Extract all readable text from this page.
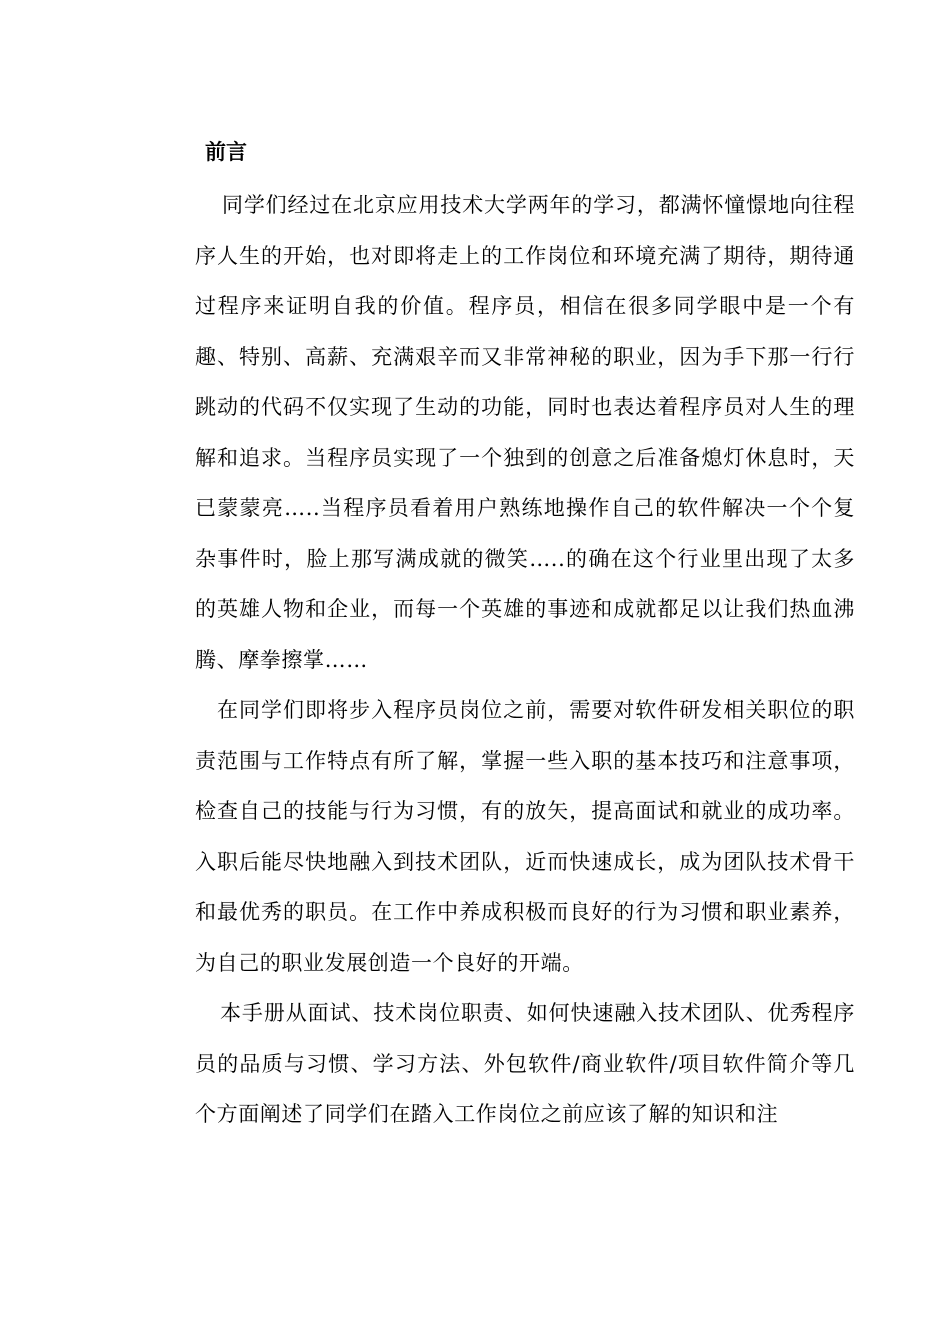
前言

同学们经过在北京应用技术大学两年的学习，都满怀憧憬地向往程序人生的开始，也对即将走上的工作岗位和环境充满了期待，期待通过程序来证明自我的价值。程序员，相信在很多同学眼中是一个有趣、特别、高薪、充满艰辛而又非常神秘的职业，因为手下那一行行跳动的代码不仅实现了生动的功能，同时也表达着程序员对人生的理解和追求。当程序员实现了一个独到的创意之后准备熄灯休息时，天已蒙蒙亮…..当程序员看着用户熟练地操作自己的软件解决一个个复杂事件时，脸上那写满成就的微笑…..的确在这个行业里出现了太多的英雄人物和企业，而每一个英雄的事迹和成就都足以让我们热血沸腾、摩拳擦掌……

在同学们即将步入程序员岗位之前，需要对软件研发相关职位的职责范围与工作特点有所了解，掌握一些入职的基本技巧和注意事项，检查自己的技能与行为习惯，有的放矢，提高面试和就业的成功率。入职后能尽快地融入到技术团队，近而快速成长，成为团队技术骨干和最优秀的职员。在工作中养成积极而良好的行为习惯和职业素养，为自己的职业发展创造一个良好的开端。

本手册从面试、技术岗位职责、如何快速融入技术团队、优秀程序员的品质与习惯、学习方法、外包软件/商业软件/项目软件简介等几个方面阐述了同学们在踏入工作岗位之前应该了解的知识和注
